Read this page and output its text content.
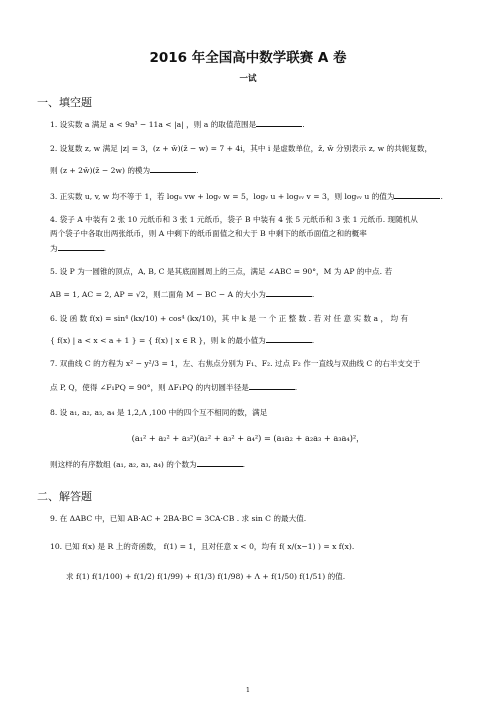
2016 年全国高中数学联赛 A 卷
一试
一、填空题
1. 设实数 a 满足 a < 9a³ − 11a < |a| ，则 a 的取值范围是	.
2. 设复数 z, w 满足 |z| = 3，(z + w̄)(z̄ − w) = 7 + 4i，其中 i 是虚数单位，z̄, w̄ 分别表示 z, w 的共轭复数，
则 (z + 2w̄)(z̄ − 2w) 的模为	.
3. 正实数 u, v, w 均不等于 1，若 logᵤ vw + logᵥ w = 5，logᵥ u + logᵥᵥ v = 3，则 logᵥᵥ u 的值为	.
4. 袋子 A 中装有 2 张 10 元纸币和 3 张 1 元纸币，袋子 B 中装有 4 张 5 元纸币和 3 张 1 元纸币. 现随机从
两个袋子中各取出两张纸币，则 A 中剩下的纸币面值之和大于 B 中剩下的纸币面值之和的概率
为	.
5. 设 P 为一圆锥的顶点，A, B, C 是其底面圆周上的三点，满足 ∠ABC = 90°，M 为 AP 的中点. 若
AB = 1, AC = 2, AP = √2，则二面角 M − BC − A 的大小为	.
6. 设 函 数 f(x) = sin⁴ (kx/10) + cos⁴ (kx/10)，其 中 k 是 一 个 正 整 数 . 若 对 任 意 实 数 a ， 均 有
{ f(x) | a < x < a + 1 } = { f(x) | x ∈ R }，则 k 的最小值为	.
7. 双曲线 C 的方程为 x² − y²/3 = 1，左、右焦点分别为 F₁、F₂. 过点 F₂ 作一直线与双曲线 C 的右半支交于
点 P, Q，使得 ∠F₁PQ = 90°，则 ΔF₁PQ 的内切圆半径是	.
8. 设 a₁, a₂, a₃, a₄ 是 1,2,Λ ,100 中的四个互不相同的数，满足
(a₁² + a₂² + a₃²)(a₂² + a₃² + a₄²) = (a₁a₂ + a₂a₃ + a₃a₄)²，
则这样的有序数组 (a₁, a₂, a₃, a₄) 的个数为	.
二、解答题
9. 在 ΔABC 中，已知 AB·AC + 2BA·BC = 3CA·CB . 求 sin C 的最大值.
10. 已知 f(x) 是 R 上的奇函数， f(1) = 1，且对任意 x < 0，均有 f( x/(x−1) ) = x f(x).
求 f(1) f(1/100) + f(1/2) f(1/99) + f(1/3) f(1/98) + Λ + f(1/50) f(1/51) 的值.
1
